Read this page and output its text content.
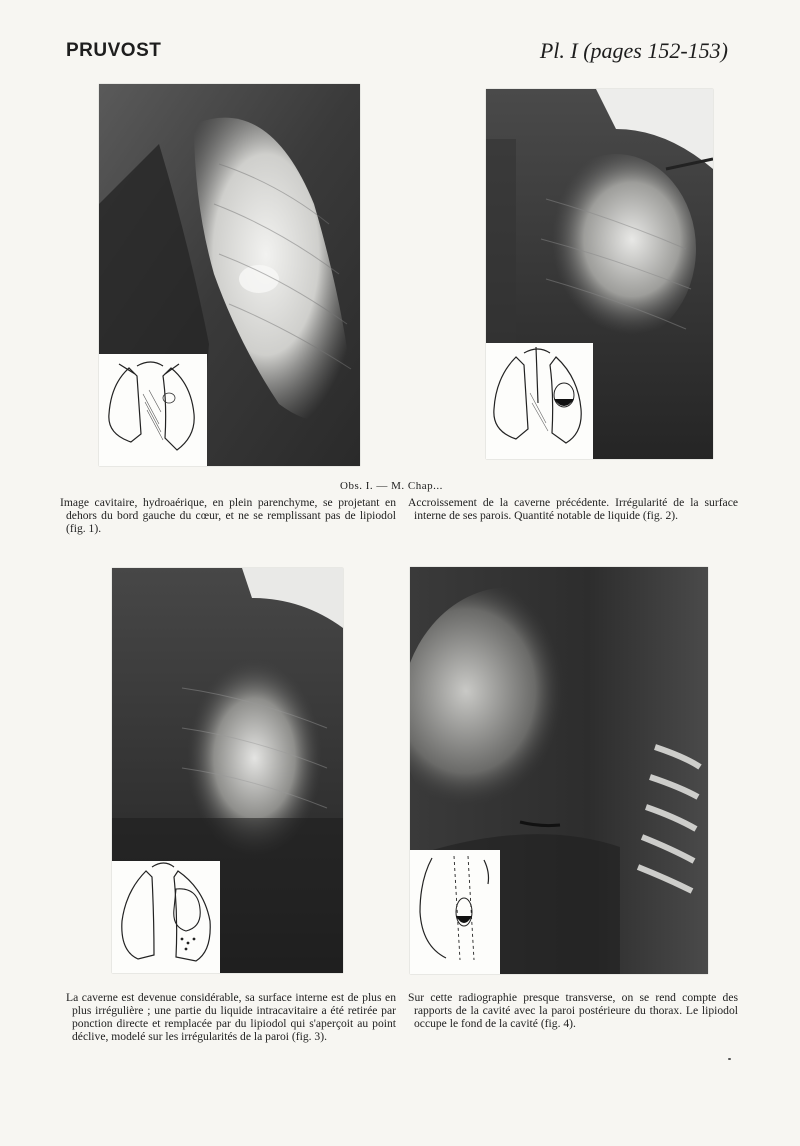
PRUVOST	Pl. I (pages 152-153)
Obs. I. — M. Chap...
Image cavitaire, hydroaérique, en plein parenchyme, se projetant en dehors du bord gauche du cœur, et ne se remplissant pas de lipiodol (fig. 1).
Accroissement de la caverne précédente. Irrégularité de la surface interne de ses parois. Quantité notable de liquide (fig. 2).
La caverne est devenue considérable, sa surface interne est de plus en plus irrégulière ; une partie du liquide intracavitaire a été retirée par ponction directe et remplacée par du lipiodol qui s'aperçoit au point déclive, modelé sur les irrégularités de la paroi (fig. 3).
Sur cette radiographie presque transverse, on se rend compte des rapports de la cavité avec la paroi postérieure du thorax. Le lipiodol occupe le fond de la cavité (fig. 4).
